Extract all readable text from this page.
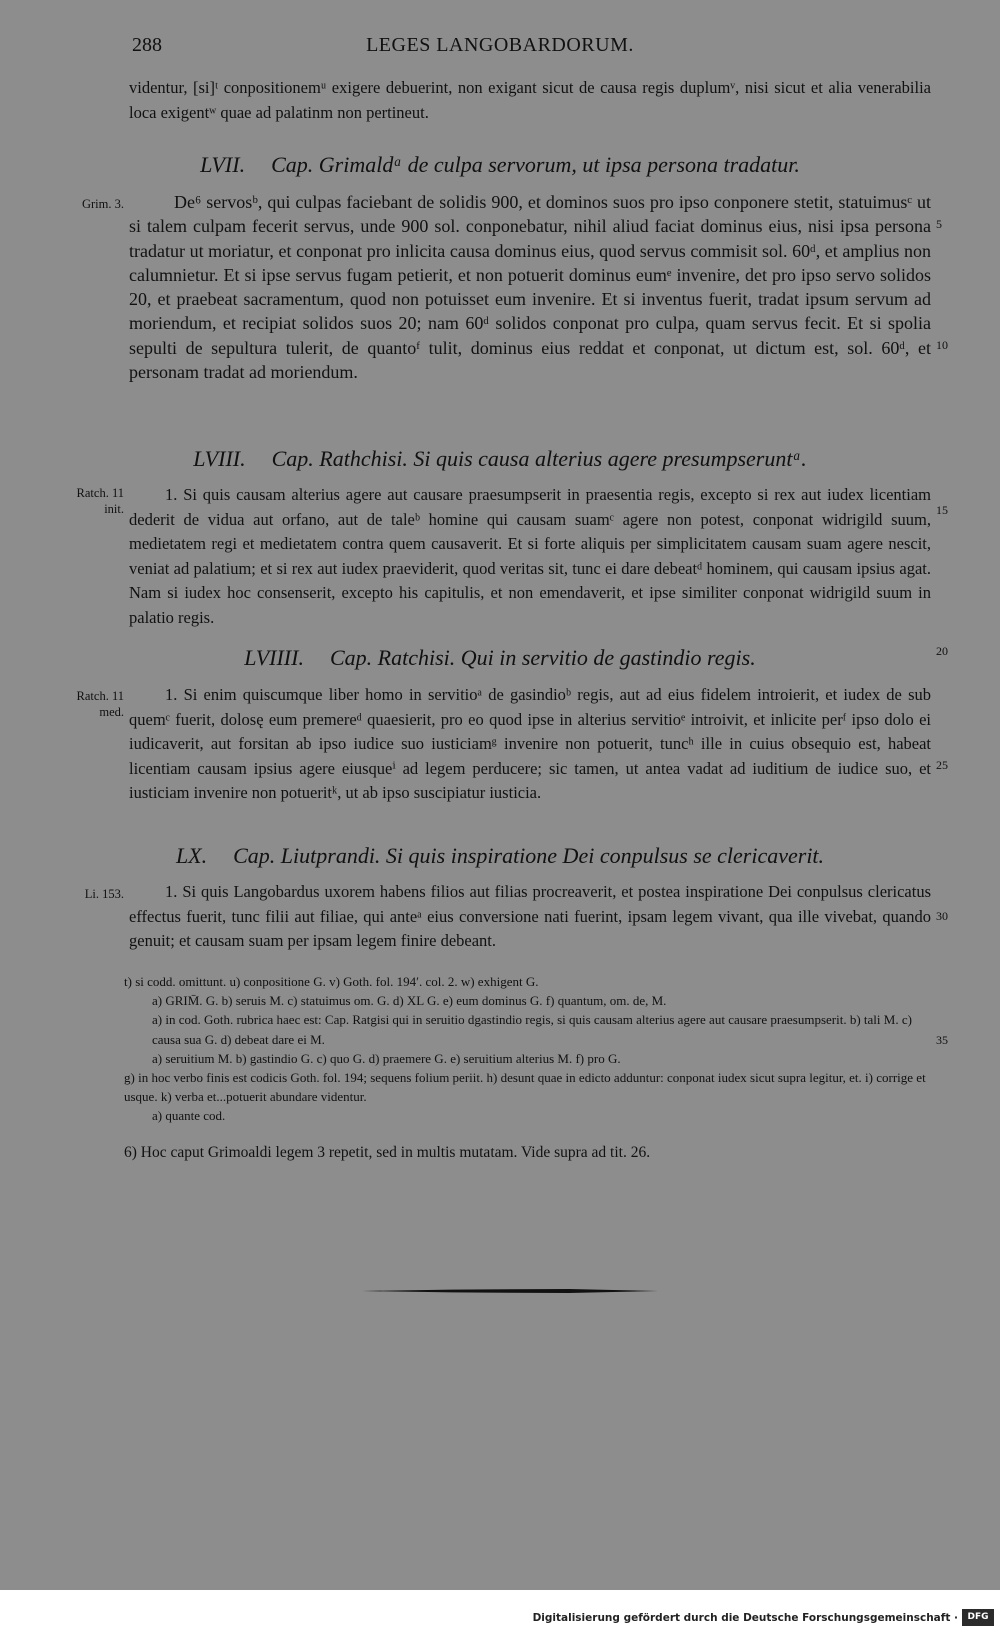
288	LEGES LANGOBARDORUM.

videntur, [si]ᵗ conpositionemᵘ exigere debuerint, non exigant sicut de causa regis duplumᵛ, nisi sicut et alia venerabilia loca exigentʷ quae ad palatinm non pertineut.

LVII. Cap. Grimaldᵃ de culpa servorum, ut ipsa persona tradatur.

Grim. 3.	De⁶ servosᵇ, qui culpas faciebant de solidis 900, et dominos suos pro ipso conponere stetit, statuimusᶜ ut si talem culpam fecerit servus, unde 900 sol. conponebatur, nihil aliud faciat dominus eius, nisi ipsa persona tradatur ut moriatur, et conponat pro inlicita causa dominus eius, quod servus commisit sol. 60ᵈ, et amplius non calumnietur. Et si ipse servus fugam petierit, et non potuerit dominus eumᵉ invenire, det pro ipso servo solidos 20, et praebeat sacramentum, quod non potuisset eum invenire. Et si inventus fuerit, tradat ipsum servum ad moriendum, et recipiat solidos suos 20; nam 60ᵈ solidos conponat pro culpa, quam servus fecit. Et si spolia sepulti de sepultura tulerit, de quantoᶠ tulit, dominus eius reddat et conponat, ut dictum est, sol. 60ᵈ, et personam tradat ad moriendum.

5
10

LVIII. Cap. Rathchisi. Si quis causa alterius agere presumpseruntᵃ.

Ratch. 11 init.

1. Si quis causam alterius agere aut causare praesumpserit in praesentia regis, excepto si rex aut iudex licentiam dederit de vidua aut orfano, aut de taleᵇ homine qui causam suamᶜ agere non potest, conponat widrigild suum, medietatem regi et medietatem contra quem causaverit. Et si forte aliquis per simplicitatem causam suam agere nescit, veniat ad palatium; et si rex aut iudex praeviderit, quod veritas sit, tunc ei dare debeatᵈ hominem, qui causam ipsius agat. Nam si iudex hoc consenserit, excepto his capitulis, et non emendaverit, et ipse similiter conponat widrigild suum in palatio regis.

15

LVIIII. Cap. Ratchisi. Qui in servitio de gastindio regis.	20
Ratch. 11 med.

1. Si enim quiscumque liber homo in servitioᵃ de gasindioᵇ regis, aut ad eius fidelem introierit, et iudex de sub quemᶜ fuerit, dolosę eum premereᵈ quaesierit, pro eo quod ipse in alterius servitioᵉ introivit, et inlicite perᶠ ipso dolo ei iudicaverit, aut forsitan ab ipso iudice suo iusticiamᵍ invenire non potuerit, tuncʰ ille in cuius obsequio est, habeat licentiam causam ipsius agere eiusqueⁱ ad legem perducere; sic tamen, ut antea vadat ad iuditium de iudice suo, et iusticiam invenire non potueritᵏ, ut ab ipso suscipiatur iusticia.

25

LX. Cap. Liutprandi. Si quis inspiratione Dei conpulsus se clericaverit.

Li. 153.	1. Si quis Langobardus uxorem habens filios aut filias procreaverit, et postea inspiratione Dei conpulsus clericatus effectus fuerit, tunc filii aut filiae, qui anteᵃ eius conversione nati fuerint, ipsam legem vivant, qua ille vivebat, quando genuit; et causam suam per ipsam legem finire debeant.

30
t) si codd. omittunt. u) conpositione G. v) Goth. fol. 194′. col. 2. w) exhigent G.
a) GRIM̄. G. b) seruis M. c) statuimus om. G. d) XL G. e) eum dominus G. f) quantum, om. de, M.
a) in cod. Goth. rubrica haec est: Cap. Ratgisi qui in seruitio dgastindio regis, si quis causam alterius agere aut causare praesumpserit. b) tali M. c) causa sua G. d) debeat dare ei M.
a) seruitium M. b) gastindio G. c) quo G. d) praemere G. e) seruitium alterius M. f) pro G.
g) in hoc verbo finis est codicis Goth. fol. 194; sequens folium periit. h) desunt quae in edicto adduntur: conponat iudex sicut supra legitur, et. i) corrige et usque. k) verba et...potuerit abundare videntur.
a) quante cod.
35
6) Hoc caput Grimoaldi legem 3 repetit, sed in multis mutatam. Vide supra ad tit. 26.
Digitalisierung gefördert durch die Deutsche Forschungsgemeinschaft ·	DFG
